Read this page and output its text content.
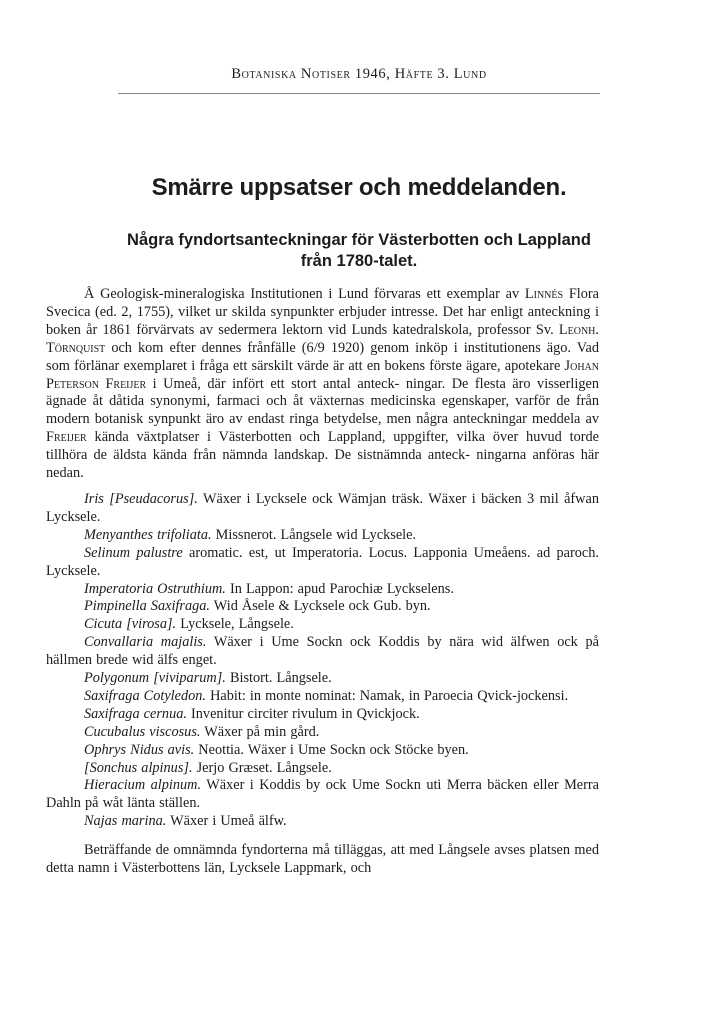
Botaniska Notiser 1946, Häfte 3. Lund
Smärre uppsatser och meddelanden.
Några fyndortsanteckningar för Västerbotten och Lappland
från 1780-talet.

Å Geologisk-mineralogiska Institutionen i Lund förvaras ett exemplar av Linnés Flora Svecica (ed. 2, 1755), vilket ur skilda synpunkter erbjuder intresse. Det har enligt anteckning i boken år 1861 förvärvats av sedermera lektorn vid Lunds katedralskola, professor Sv. Leonh. Törnquist och kom efter dennes frånfälle (6/9 1920) genom inköp i institutionens ägo. Vad som förlänar exemplaret i fråga ett särskilt värde är att en bokens förste ägare, apotekare Johan Peterson Freijer i Umeå, där infört ett stort antal anteck- ningar. De flesta äro visserligen ägnade åt dåtida synonymi, farmaci och åt växternas medicinska egenskaper, varför de från modern botanisk synpunkt äro av endast ringa betydelse, men några anteckningar meddela av Freijer kända växtplatser i Västerbotten och Lappland, uppgifter, vilka över huvud torde tillhöra de äldsta kända från nämnda landskap. De sistnämnda anteck- ningarna anföras här nedan.

Iris [Pseudacorus]. Wäxer i Lycksele ock Wämjan träsk. Wäxer i bäcken 3 mil åfwan Lycksele.

Menyanthes trifoliata. Missnerot. Långsele wid Lycksele.

Selinum palustre aromatic. est, ut Imperatoria. Locus. Lapponia Umeåens. ad paroch. Lycksele.

Imperatoria Ostruthium. In Lappon: apud Parochiæ Lyckselens.

Pimpinella Saxifraga. Wid Åsele & Lycksele ock Gub. byn.

Cicuta [virosa]. Lycksele, Långsele.

Convallaria majalis. Wäxer i Ume Sockn ock Koddis by nära wid älfwen ock på hällmen brede wid älfs enget.

Polygonum [viviparum]. Bistort. Långsele.

Saxifraga Cotyledon. Habit: in monte nominat: Namak, in Paroecia Qvick-jockensi.

Saxifraga cernua. Invenitur circiter rivulum in Qvickjock.

Cucubalus viscosus. Wäxer på min gård.

Ophrys Nidus avis. Neottia. Wäxer i Ume Sockn ock Stöcke byen.

[Sonchus alpinus]. Jerjo Græset. Långsele.

Hieracium alpinum. Wäxer i Koddis by ock Ume Sockn uti Merra bäcken eller Merra Dahln på wåt länta ställen.

Najas marina. Wäxer i Umeå älfw.

Beträffande de omnämnda fyndorterna må tilläggas, att med Långsele avses platsen med detta namn i Västerbottens län, Lycksele Lappmark, och
